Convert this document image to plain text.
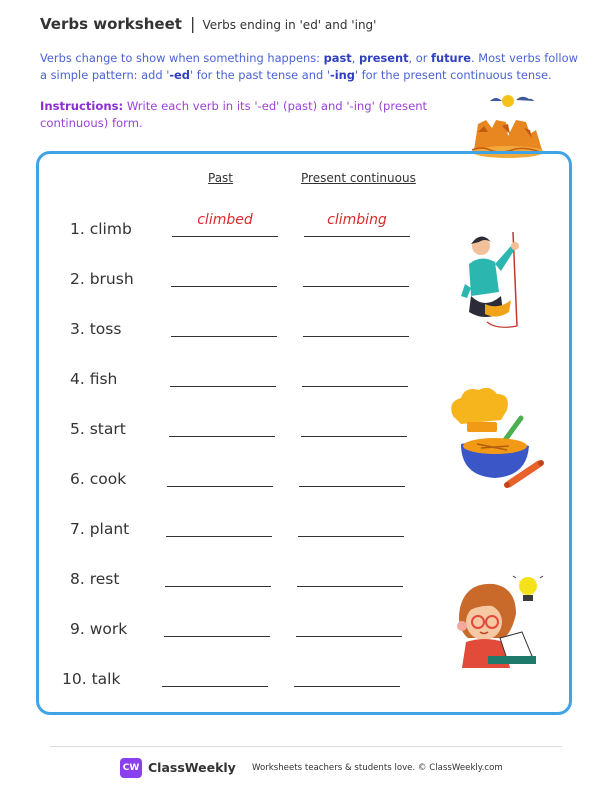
Verbs worksheet | Verbs ending in 'ed' and 'ing'
Verbs change to show when something happens: past, present, or future. Most verbs follow a simple pattern: add '-ed' for the past tense and '-ing' for the present continuous tense.
Instructions: Write each verb in its '-ed' (past) and '-ing' (present continuous) form.
Past	Present continuous
1. climb	climbed	climbing
2. brush
3. toss
4. fish
5. start
6. cook
7. plant
8. rest
9. work
10. talk
CW ClassWeekly Worksheets teachers & students love. © ClassWeekly.com
